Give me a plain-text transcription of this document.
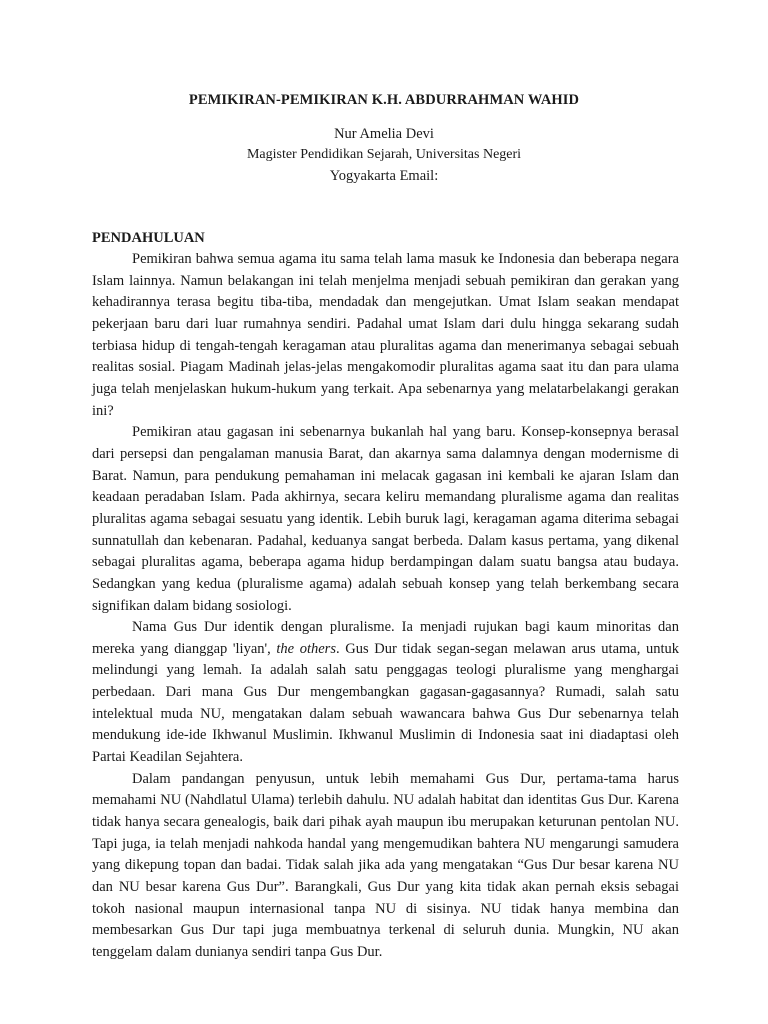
PEMIKIRAN-PEMIKIRAN K.H. ABDURRAHMAN WAHID
Nur Amelia Devi
Magister Pendidikan Sejarah, Universitas Negeri
Yogyakarta Email:
PENDAHULUAN

Pemikiran bahwa semua agama itu sama telah lama masuk ke Indonesia dan beberapa negara Islam lainnya. Namun belakangan ini telah menjelma menjadi sebuah pemikiran dan gerakan yang kehadirannya terasa begitu tiba-tiba, mendadak dan mengejutkan. Umat Islam seakan mendapat pekerjaan baru dari luar rumahnya sendiri. Padahal umat Islam dari dulu hingga sekarang sudah terbiasa hidup di tengah-tengah keragaman atau pluralitas agama dan menerimanya sebagai sebuah realitas sosial. Piagam Madinah jelas-jelas mengakomodir pluralitas agama saat itu dan para ulama juga telah menjelaskan hukum-hukum yang terkait. Apa sebenarnya yang melatarbelakangi gerakan ini?

Pemikiran atau gagasan ini sebenarnya bukanlah hal yang baru. Konsep-konsepnya berasal dari persepsi dan pengalaman manusia Barat, dan akarnya sama dalamnya dengan modernisme di Barat. Namun, para pendukung pemahaman ini melacak gagasan ini kembali ke ajaran Islam dan keadaan peradaban Islam. Pada akhirnya, secara keliru memandang pluralisme agama dan realitas pluralitas agama sebagai sesuatu yang identik. Lebih buruk lagi, keragaman agama diterima sebagai sunnatullah dan kebenaran. Padahal, keduanya sangat berbeda. Dalam kasus pertama, yang dikenal sebagai pluralitas agama, beberapa agama hidup berdampingan dalam suatu bangsa atau budaya. Sedangkan yang kedua (pluralisme agama) adalah sebuah konsep yang telah berkembang secara signifikan dalam bidang sosiologi.

Nama Gus Dur identik dengan pluralisme. Ia menjadi rujukan bagi kaum minoritas dan mereka yang dianggap 'liyan', the others. Gus Dur tidak segan-segan melawan arus utama, untuk melindungi yang lemah. Ia adalah salah satu penggagas teologi pluralisme yang menghargai perbedaan. Dari mana Gus Dur mengembangkan gagasan-gagasannya? Rumadi, salah satu intelektual muda NU, mengatakan dalam sebuah wawancara bahwa Gus Dur sebenarnya telah mendukung ide-ide Ikhwanul Muslimin. Ikhwanul Muslimin di Indonesia saat ini diadaptasi oleh Partai Keadilan Sejahtera.

Dalam pandangan penyusun, untuk lebih memahami Gus Dur, pertama-tama harus memahami NU (Nahdlatul Ulama) terlebih dahulu. NU adalah habitat dan identitas Gus Dur. Karena tidak hanya secara genealogis, baik dari pihak ayah maupun ibu merupakan keturunan pentolan NU. Tapi juga, ia telah menjadi nahkoda handal yang mengemudikan bahtera NU mengarungi samudera yang dikepung topan dan badai. Tidak salah jika ada yang mengatakan “Gus Dur besar karena NU dan NU besar karena Gus Dur”. Barangkali, Gus Dur yang kita tidak akan pernah eksis sebagai tokoh nasional maupun internasional tanpa NU di sisinya. NU tidak hanya membina dan membesarkan Gus Dur tapi juga membuatnya terkenal di seluruh dunia. Mungkin, NU akan tenggelam dalam dunianya sendiri tanpa Gus Dur.
